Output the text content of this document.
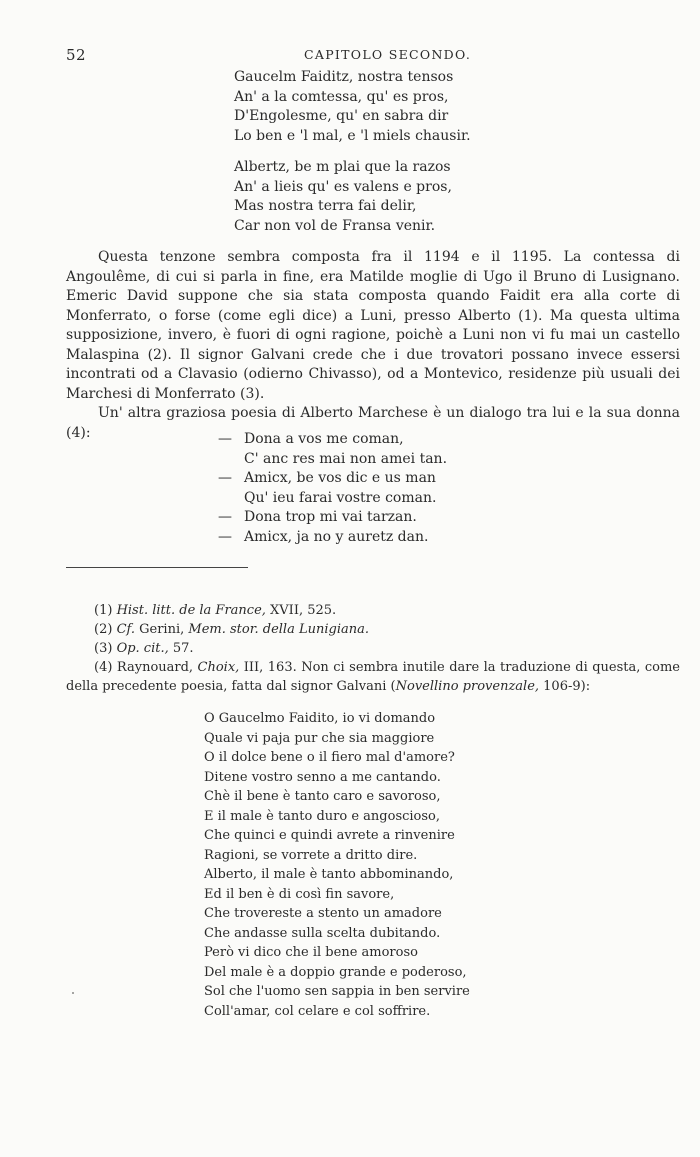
52	CAPITOLO SECONDO.
Gaucelm Faiditz, nostra tensos
An' a la comtessa, qu' es pros,
D'Engolesme, qu' en sabra dir
Lo ben e 'l mal, e 'l miels chausir.
Albertz, be m plai que la razos
An' a lieis qu' es valens e pros,
Mas nostra terra fai delir,
Car non vol de Fransa venir.

Questa tenzone sembra composta fra il 1194 e il 1195. La contessa di Angoulême, di cui si parla in fine, era Matilde moglie di Ugo il Bruno di Lusignano. Emeric David suppone che sia stata composta quando Faidit era alla corte di Monferrato, o forse (come egli dice) a Luni, presso Alberto (1). Ma questa ultima supposizione, invero, è fuori di ogni ragione, poichè a Luni non vi fu mai un castello Malaspina (2). Il signor Galvani crede che i due trovatori possano invece essersi incontrati od a Clavasio (odierno Chivasso), od a Montevico, residenze più usuali dei Marchesi di Monferrato (3).

Un' altra graziosa poesia di Alberto Marchese è un dialogo tra lui e la sua donna (4):	— Dona a vos me coman,
C' anc res mai non amei tan.
— Amicx, be vos dic e us man
Qu' ieu farai vostre coman.
— Dona trop mi vai tarzan.
— Amicx, ja no y auretz dan.
(1) Hist. litt. de la France, XVII, 525.
(2) Cf. Gerini, Mem. stor. della Lunigiana.
(3) Op. cit., 57.
(4) Raynouard, Choix, III, 163. Non ci sembra inutile dare la traduzione di questa, come della precedente poesia, fatta dal signor Galvani (Novellino provenzale, 106-9):
O Gaucelmo Faidito, io vi domando
Quale vi paja pur che sia maggiore
O il dolce bene o il fiero mal d'amore?
Ditene vostro senno a me cantando.
Chè il bene è tanto caro e savoroso,
E il male è tanto duro e angoscioso,
Che quinci e quindi avrete a rinvenire
Ragioni, se vorrete a dritto dire.
Alberto, il male è tanto abbominando,
Ed il ben è di così fin savore,
Che trovereste a stento un amadore
Che andasse sulla scelta dubitando.
Però vi dico che il bene amoroso
Del male è a doppio grande e poderoso,
Sol che l'uomo sen sappia in ben servire
Coll'amar, col celare e col soffrire.
